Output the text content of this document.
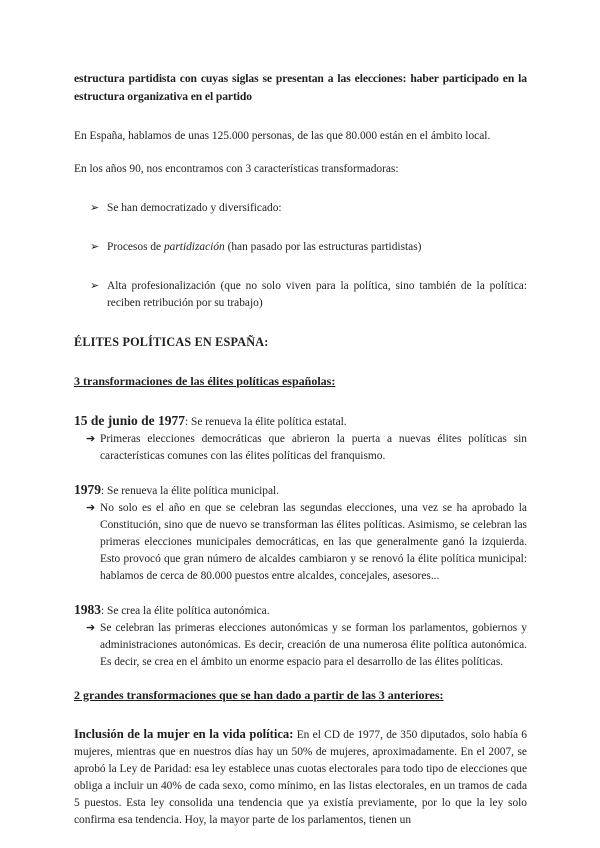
estructura partidista con cuyas siglas se presentan a las elecciones: haber participado en la estructura organizativa en el partido

En España, hablamos de unas 125.000 personas, de las que 80.000 están en el ámbito local.

En los años 90, nos encontramos con 3 características transformadoras:

➢ Se han democratizado y diversificado:
➢ Procesos de partidización (han pasado por las estructuras partidistas)
➢ Alta profesionalización (que no solo viven para la política, sino también de la política: reciben retribución por su trabajo)

ÉLITES POLÍTICAS EN ESPAÑA:

3 transformaciones de las élites políticas españolas:

15 de junio de 1977: Se renueva la élite política estatal.

➔ Primeras elecciones democráticas que abrieron la puerta a nuevas élites políticas sin características comunes con las élites políticas del franquismo.

1979: Se renueva la élite política municipal.

➔ No solo es el año en que se celebran las segundas elecciones, una vez se ha aprobado la Constitución, sino que de nuevo se transforman las élites políticas. Asimismo, se celebran las primeras elecciones municipales democráticas, en las que generalmente ganó la izquierda. Esto provocó que gran número de alcaldes cambiaron y se renovó la élite política municipal: hablamos de cerca de 80.000 puestos entre alcaldes, concejales, asesores...

1983: Se crea la élite política autonómica.

➔ Se celebran las primeras elecciones autonómicas y se forman los parlamentos, gobiernos y administraciones autonómicas. Es decir, creación de una numerosa élite política autonómica. Es decir, se crea en el ámbito un enorme espacio para el desarrollo de las élites políticas.

2 grandes transformaciones que se han dado a partir de las 3 anteriores:

Inclusión de la mujer en la vida política: En el CD de 1977, de 350 diputados, solo había 6 mujeres, mientras que en nuestros días hay un 50% de mujeres, aproximadamente. En el 2007, se aprobó la Ley de Paridad: esa ley establece unas cuotas electorales para todo tipo de elecciones que obliga a incluir un 40% de cada sexo, como mínimo, en las listas electorales, en un tramos de cada 5 puestos. Esta ley consolida una tendencia que ya existía previamente, por lo que la ley solo confirma esa tendencia. Hoy, la mayor parte de los parlamentos, tienen un
